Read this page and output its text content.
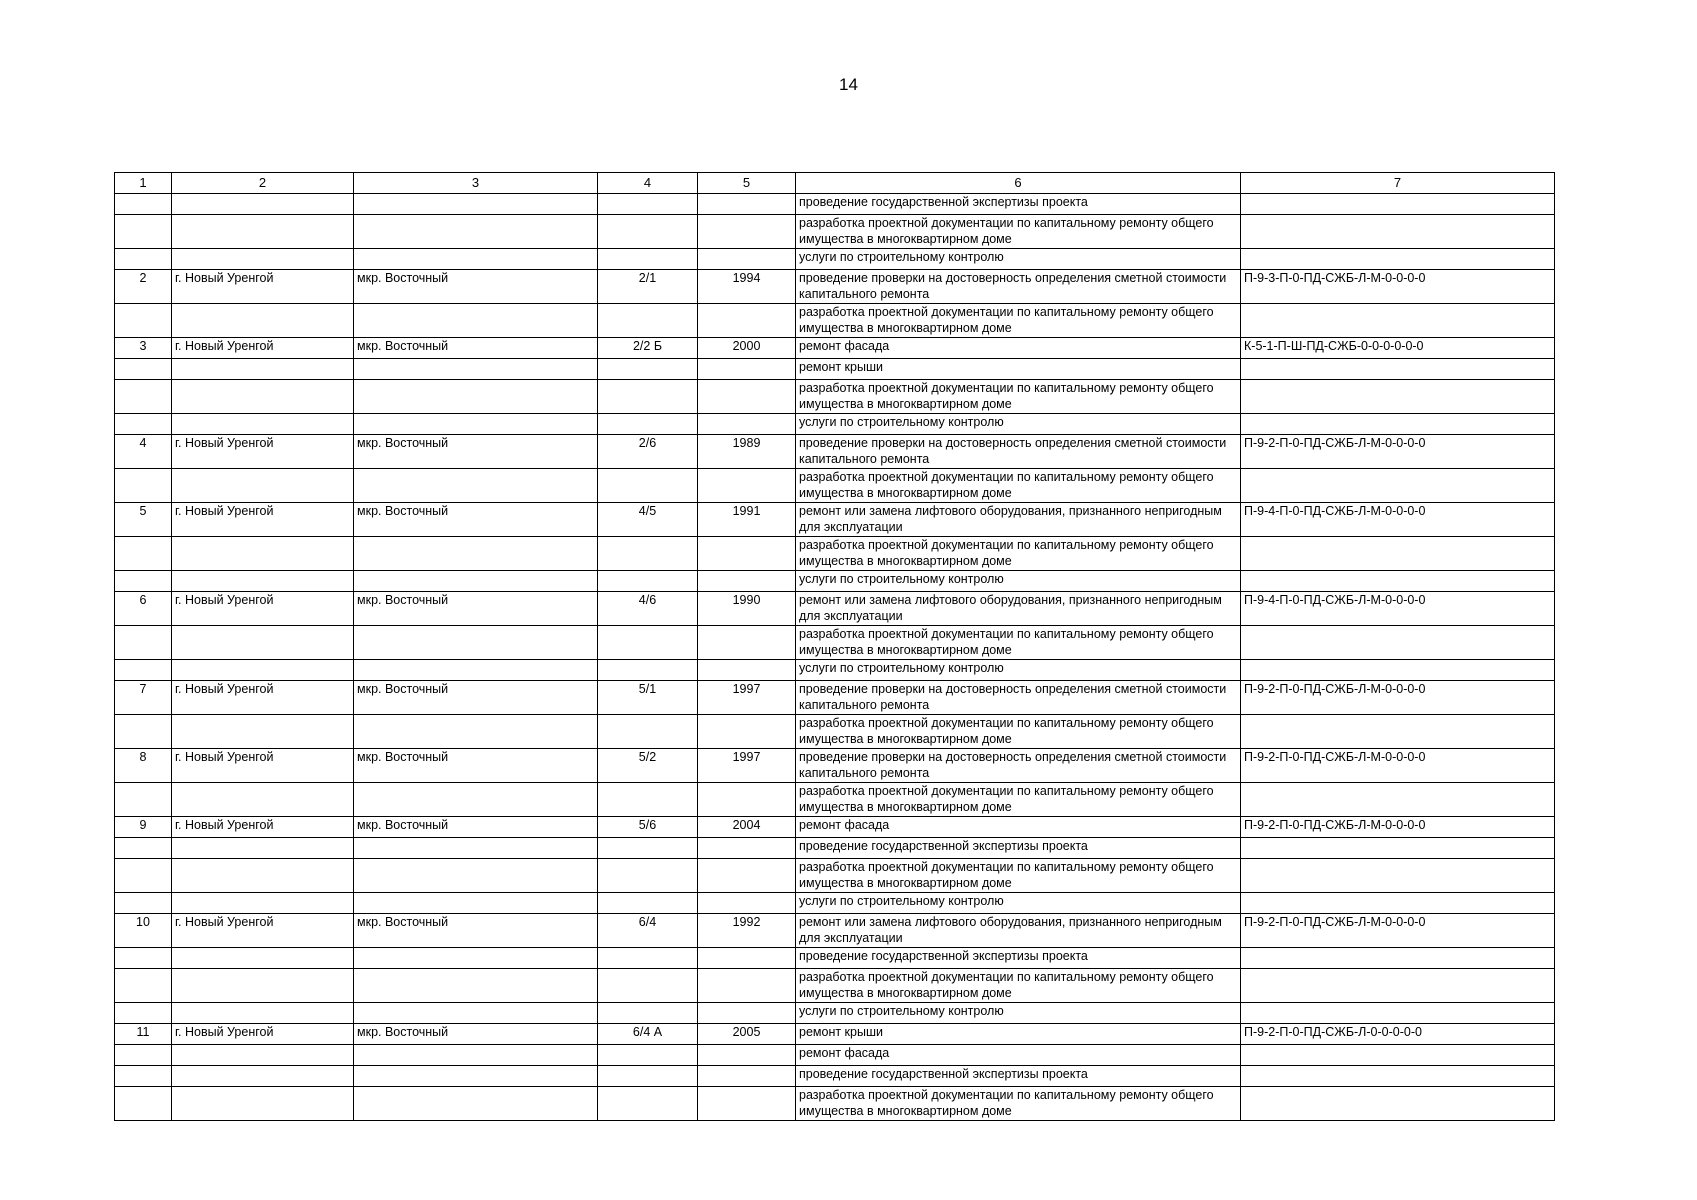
14
1	2	3	4	5	6	7
					проведение государственной экспертизы проекта	
					разработка проектной документации по капитальному ремонту общего имущества в многоквартирном доме	
					услуги по строительному контролю	
2	г. Новый Уренгой	мкр. Восточный	2/1	1994	проведение проверки на достоверность определения сметной стоимости капитального ремонта	П-9-3-П-0-ПД-СЖБ-Л-М-0-0-0-0
					разработка проектной документации по капитальному ремонту общего имущества в многоквартирном доме	
3	г. Новый Уренгой	мкр. Восточный	2/2 Б	2000	ремонт фасада	К-5-1-П-Ш-ПД-СЖБ-0-0-0-0-0-0
					ремонт крыши	
					разработка проектной документации по капитальному ремонту общего имущества в многоквартирном доме	
					услуги по строительному контролю	
4	г. Новый Уренгой	мкр. Восточный	2/6	1989	проведение проверки на достоверность определения сметной стоимости капитального ремонта	П-9-2-П-0-ПД-СЖБ-Л-М-0-0-0-0
					разработка проектной документации по капитальному ремонту общего имущества в многоквартирном доме	
5	г. Новый Уренгой	мкр. Восточный	4/5	1991	ремонт или замена лифтового оборудования, признанного непригодным для эксплуатации	П-9-4-П-0-ПД-СЖБ-Л-М-0-0-0-0
					разработка проектной документации по капитальному ремонту общего имущества в многоквартирном доме	
					услуги по строительному контролю	
6	г. Новый Уренгой	мкр. Восточный	4/6	1990	ремонт или замена лифтового оборудования, признанного непригодным для эксплуатации	П-9-4-П-0-ПД-СЖБ-Л-М-0-0-0-0
					разработка проектной документации по капитальному ремонту общего имущества в многоквартирном доме	
					услуги по строительному контролю	
7	г. Новый Уренгой	мкр. Восточный	5/1	1997	проведение проверки на достоверность определения сметной стоимости капитального ремонта	П-9-2-П-0-ПД-СЖБ-Л-М-0-0-0-0
					разработка проектной документации по капитальному ремонту общего имущества в многоквартирном доме	
8	г. Новый Уренгой	мкр. Восточный	5/2	1997	проведение проверки на достоверность определения сметной стоимости капитального ремонта	П-9-2-П-0-ПД-СЖБ-Л-М-0-0-0-0
					разработка проектной документации по капитальному ремонту общего имущества в многоквартирном доме	
9	г. Новый Уренгой	мкр. Восточный	5/6	2004	ремонт фасада	П-9-2-П-0-ПД-СЖБ-Л-М-0-0-0-0
					проведение государственной экспертизы проекта	
					разработка проектной документации по капитальному ремонту общего имущества в многоквартирном доме	
					услуги по строительному контролю	
10	г. Новый Уренгой	мкр. Восточный	6/4	1992	ремонт или замена лифтового оборудования, признанного непригодным для эксплуатации	П-9-2-П-0-ПД-СЖБ-Л-М-0-0-0-0
					проведение государственной экспертизы проекта	
					разработка проектной документации по капитальному ремонту общего имущества в многоквартирном доме	
					услуги по строительному контролю	
11	г. Новый Уренгой	мкр. Восточный	6/4 А	2005	ремонт крыши	П-9-2-П-0-ПД-СЖБ-Л-0-0-0-0-0
					ремонт фасада	
					проведение государственной экспертизы проекта	
					разработка проектной документации по капитальному ремонту общего имущества в многоквартирном доме	
